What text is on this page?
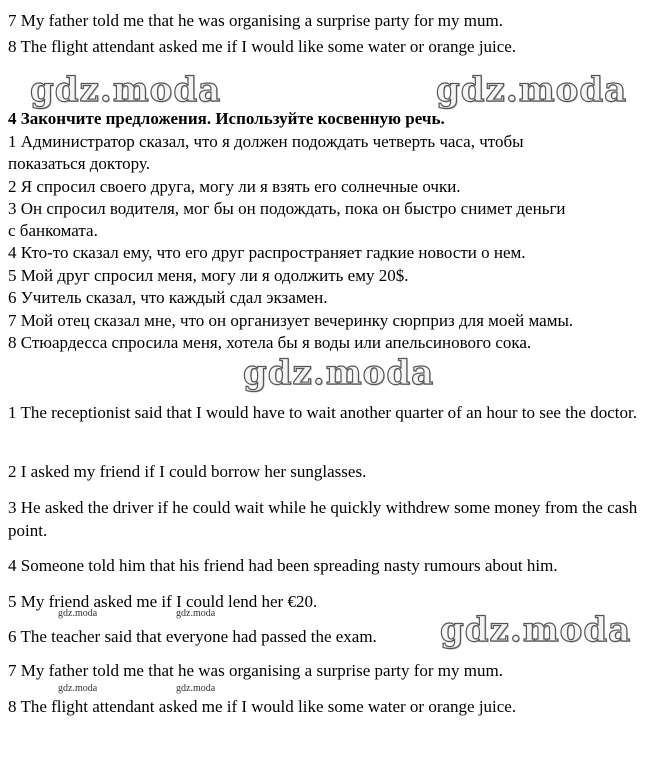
7 My father told me that he was organising a surprise party for my mum.
8 The flight attendant asked me if I would like some water or orange juice.
gdz.moda	gdz.moda
4 Закончите предложения. Используйте косвенную речь.
1 Администратор сказал, что я должен подождать четверть часа, чтобы
показаться доктору.
2 Я спросил своего друга, могу ли я взять его солнечные очки.
3 Он спросил водителя, мог бы он подождать, пока он быстро снимет деньги
с банкомата.
4 Кто-то сказал ему, что его друг распространяет гадкие новости о нем.
5 Мой друг спросил меня, могу ли я одолжить ему 20$.
6 Учитель сказал, что каждый сдал экзамен.
7 Мой отец сказал мне, что он организует вечеринку сюрприз для моей мамы.
8 Стюардесса спросила меня, хотела бы я воды или апельсинового сока.
gdz.moda
1 The receptionist said that I would have to wait another quarter of an hour to see the doctor.
2 I asked my friend if I could borrow her sunglasses.
3 He asked the driver if he could wait while he quickly withdrew some money from the cash point.
4 Someone told him that his friend had been spreading nasty rumours about him.
5 My friend asked me if I could lend her €20.
gdz.moda	gdz.moda
6 The teacher said that everyone had passed the exam.	gdz.moda
7 My father told me that he was organising a surprise party for my mum.
gdz.moda	gdz.moda
8 The flight attendant asked me if I would like some water or orange juice.
